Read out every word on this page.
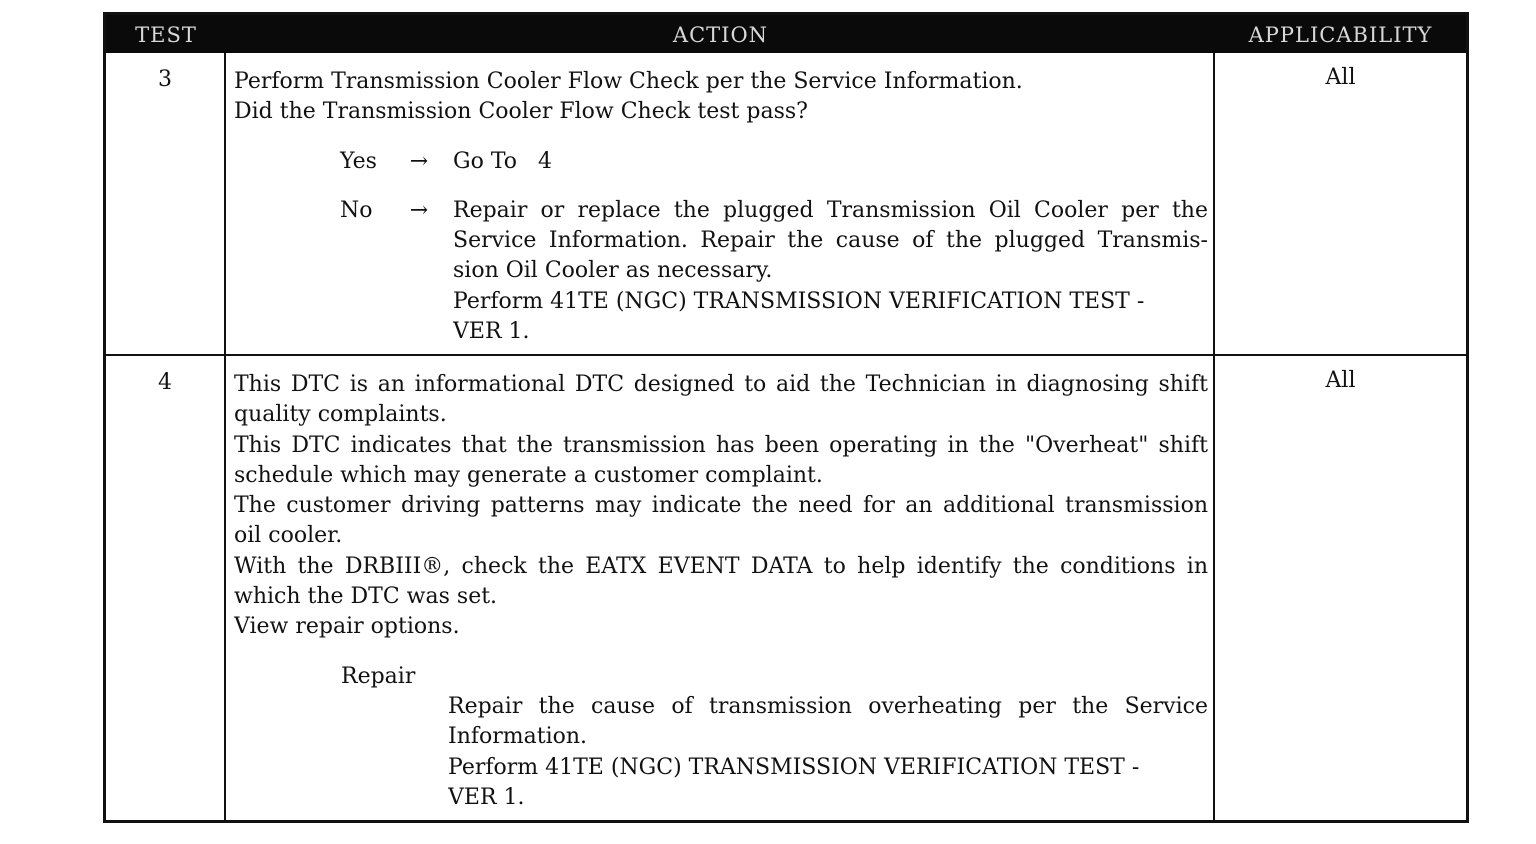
TEST	ACTION	APPLICABILITY
3	Perform Transmission Cooler Flow Check per the Service Information.
Did the Transmission Cooler Flow Check test pass?
Yes	→ Go To   4
No	→ Repair or replace the plugged Transmission Oil Cooler per the
Service Information. Repair the cause of the plugged Transmis-
sion Oil Cooler as necessary.
Perform 41TE (NGC) TRANSMISSION VERIFICATION TEST -
VER 1.
All
4	This DTC is an informational DTC designed to aid the Technician in diagnosing shift
quality complaints.
This DTC indicates that the transmission has been operating in the "Overheat" shift
schedule which may generate a customer complaint.
The customer driving patterns may indicate the need for an additional transmission
oil cooler.
With the DRBIII®, check the EATX EVENT DATA to help identify the conditions in
which the DTC was set.
View repair options.
Repair
Repair the cause of transmission overheating per the Service
Information.
Perform 41TE (NGC) TRANSMISSION VERIFICATION TEST -
VER 1.
All
